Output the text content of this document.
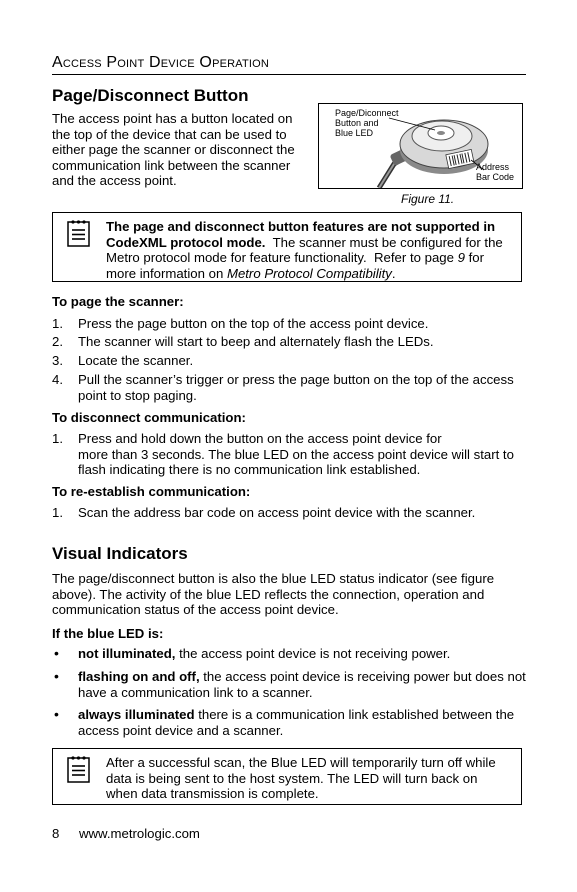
Access Point Device Operation
Page/Disconnect Button

The access point has a button located on

the top of the device that can be used to

either page the scanner or disconnect the

communication link between the scanner

and the access point.

Page/Diconnect
Button and
Blue LED
Address
Bar Code
Figure 11.
The page and disconnect button features are not supported in
CodeXML protocol mode.  The scanner must be configured for the
Metro protocol mode for feature functionality.  Refer to page 9 for
more information on Metro Protocol Compatibility.
To page the scanner:
1. Press the page button on the top of the access point device.
2. The scanner will start to beep and alternately flash the LEDs.
3. Locate the scanner.
4. Pull the scanner’s trigger or press the page button on the top of the access
point to stop paging.
To disconnect communication:
1. Press and hold down the button on the access point device for
more than 3 seconds. The blue LED on the access point device will start to
flash indicating there is no communication link established.
To re-establish communication:
1. Scan the address bar code on access point device with the scanner.
Visual Indicators

The page/disconnect button is also the blue LED status indicator (see figure

above). The activity of the blue LED reflects the connection, operation and

communication status of the access point device.

If the blue LED is:
• not illuminated, the access point device is not receiving power.
• flashing on and off, the access point device is receiving power but does not
have a communication link to a scanner.
• always illuminated there is a communication link established between the
access point device and a scanner.
After a successful scan, the Blue LED will temporarily turn off while
data is being sent to the host system. The LED will turn back on
when data transmission is complete.
8 www.metrologic.com
